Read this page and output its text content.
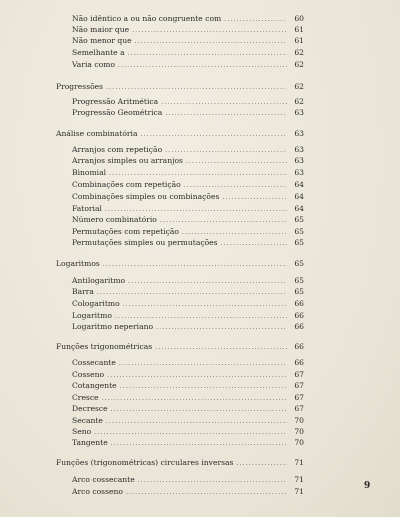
Não idêntico a ou não congruente com .....	60
Não maior que .....	61
Não menor que .....	61
Semelhante a .....	62
Varia como .....	62
Progressões .....	62
Progressão Aritmética .....	62
Progressão Geométrica .....	63
Análise combinatória .....	63
Arranjos com repetição .....	63
Arranjos simples ou arranjos .....	63
Binomial .....	63
Combinações com repetição .....	64
Combinações simples ou combinações .....	64
Fatorial .....	64
Número combinatório .....	65
Permutações com repetição .....	65
Permutações simples ou permutações .....	65
Logaritmos .....	65
Antilogaritmo .....	65
Barra .....	65
Cologaritmo .....	66
Logaritmo .....	66
Logaritmo neperiano .....	66
Funções trigonométricas .....	66
Cossecante .....	66
Cosseno .....	67
Cotangente .....	67
Cresce .....	67
Decresce .....	67
Secante .....	70
Seno .....	70
Tangente .....	70
Funções (trigonométricas) circulares inversas .....	71
Arco cossecante .....	71
Arco cosseno .....	71
9
